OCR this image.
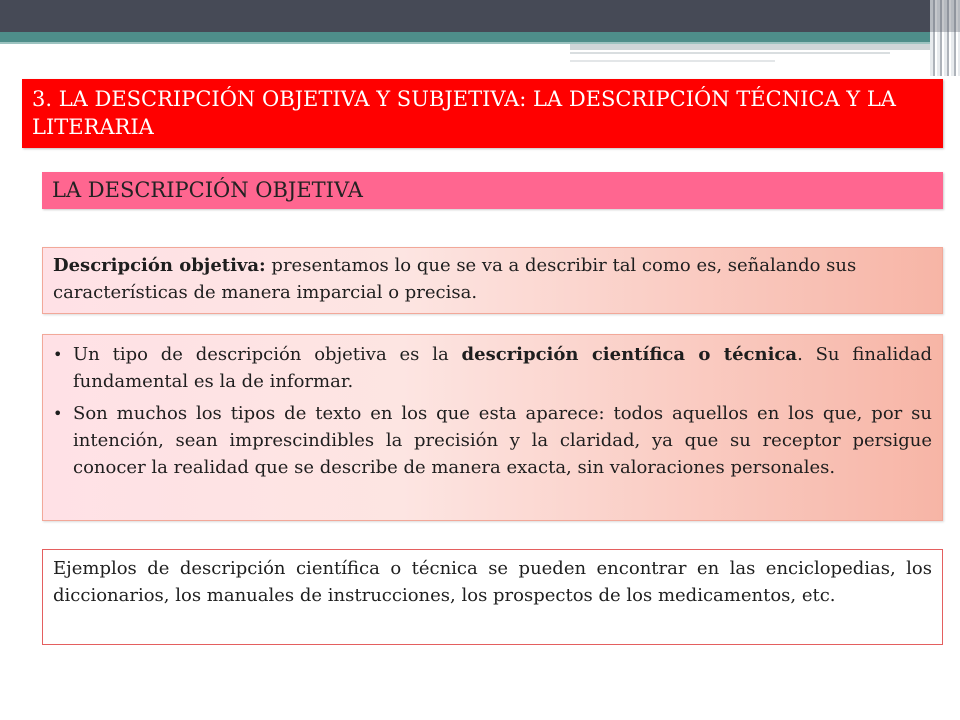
3. LA DESCRIPCIÓN OBJETIVA Y SUBJETIVA: LA DESCRIPCIÓN TÉCNICA Y LA LITERARIA
LA DESCRIPCIÓN OBJETIVA
Descripción objetiva: presentamos lo que se va a describir tal como es, señalando sus características de manera imparcial o precisa.
• Un tipo de descripción objetiva es la descripción científica o técnica. Su finalidad fundamental es la de informar.
• Son muchos los tipos de texto en los que esta aparece: todos aquellos en los que, por su intención, sean imprescindibles la precisión y la claridad, ya que su receptor persigue conocer la realidad que se describe de manera exacta, sin valoraciones personales.
Ejemplos de descripción científica o técnica se pueden encontrar en las enciclopedias, los diccionarios, los manuales de instrucciones, los prospectos de los medicamentos, etc.
